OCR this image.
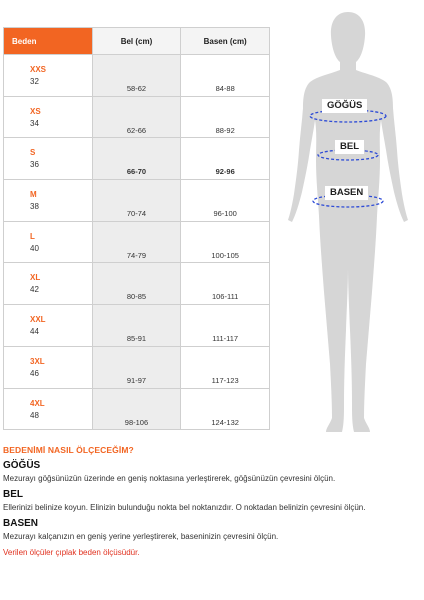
Beden	Bel (cm)	Basen (cm)

XXS
32	58-62	84-88

XS
34	62-66	88-92

S
36	66-70	92-96

M
38	70-74	96-100

L
40	74-79	100-105

XL
42	80-85	106-111

XXL
44	85-91	111-117

3XL
46	91-97	117-123

4XL
48	98-106	124-132
GÖĞÜS
BEL
BASEN
BEDENİMİ NASIL ÖLÇECEĞİM?
GÖĞÜS
Mezurayı göğsünüzün üzerinde en geniş noktasına yerleştirerek, göğsünüzün çevresini ölçün.
BEL
Ellerinizi belinize koyun. Elinizin bulunduğu nokta bel noktanızdır. O noktadan belinizin çevresini ölçün.
BASEN
Mezurayı kalçanızın en geniş yerine yerleştirerek, baseninizin çevresini ölçün.
Verilen ölçüler çıplak beden ölçüsüdür.
